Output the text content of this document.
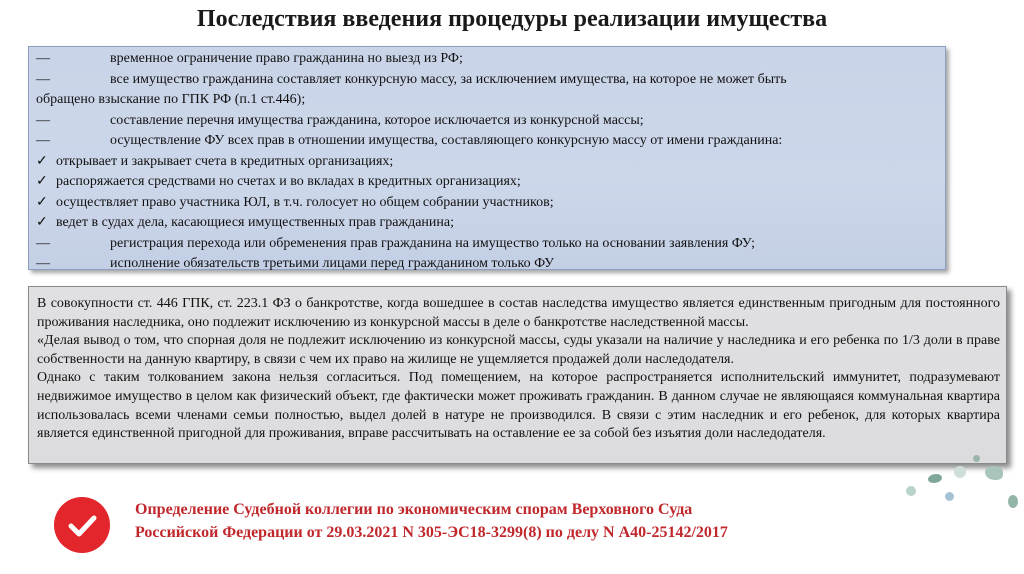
Последствия введения процедуры реализации имущества
—	временное ограничение право гражданина но выезд из РФ;
—	все имущество гражданина составляет конкурсную массу, за исключением имущества, на которое не может быть
обращено взыскание по ГПК РФ (п.1 ст.446);
—	составление перечня имущества гражданина, которое исключается из конкурсной массы;
—	осуществление ФУ всех прав в отношении имущества, составляющего конкурсную массу от имени гражданина:
✓ открывает и закрывает счета в кредитных организациях;
✓ распоряжается средствами но счетах и во вкладах в кредитных организациях;
✓ осуществляет право участника ЮЛ, в т.ч. голосует но общем собрании участников;
✓ ведет в судах дела, касающиеся имущественных прав гражданина;
—	регистрация перехода или обременения прав гражданина на имущество только на основании заявления ФУ;
—	исполнение обязательств третьими лицами перед гражданином только ФУ

В совокупности ст. 446 ГПК, ст. 223.1 ФЗ о банкротстве, когда вошедшее в состав наследства имущество является единственным пригодным для постоянного проживания наследника, оно подлежит исключению из конкурсной массы в деле о банкротстве наследственной массы.

«Делая вывод о том, что спорная доля не подлежит исключению из конкурсной массы, суды указали на наличие у наследника и его ребенка по 1/3 доли в праве собственности на данную квартиру, в связи с чем их право на жилище не ущемляется продажей доли наследодателя.

Однако с таким толкованием закона нельзя согласиться. Под помещением, на которое распространяется исполнительский иммунитет, подразумевают недвижимое имущество в целом как физический объект, где фактически может проживать гражданин. В данном случае не являющаяся коммунальная квартира использовалась всеми членами семьи полностью, выдел долей в натуре не производился. В связи с этим наследник и его ребенок, для которых квартира является единственной пригодной для проживания, вправе рассчитывать на оставление ее за собой без изъятия доли наследодателя.

Определение Судебной коллегии по экономическим спорам Верховного Суда
Российской Федерации от 29.03.2021 N 305-ЭС18-3299(8) по делу N А40-25142/2017
